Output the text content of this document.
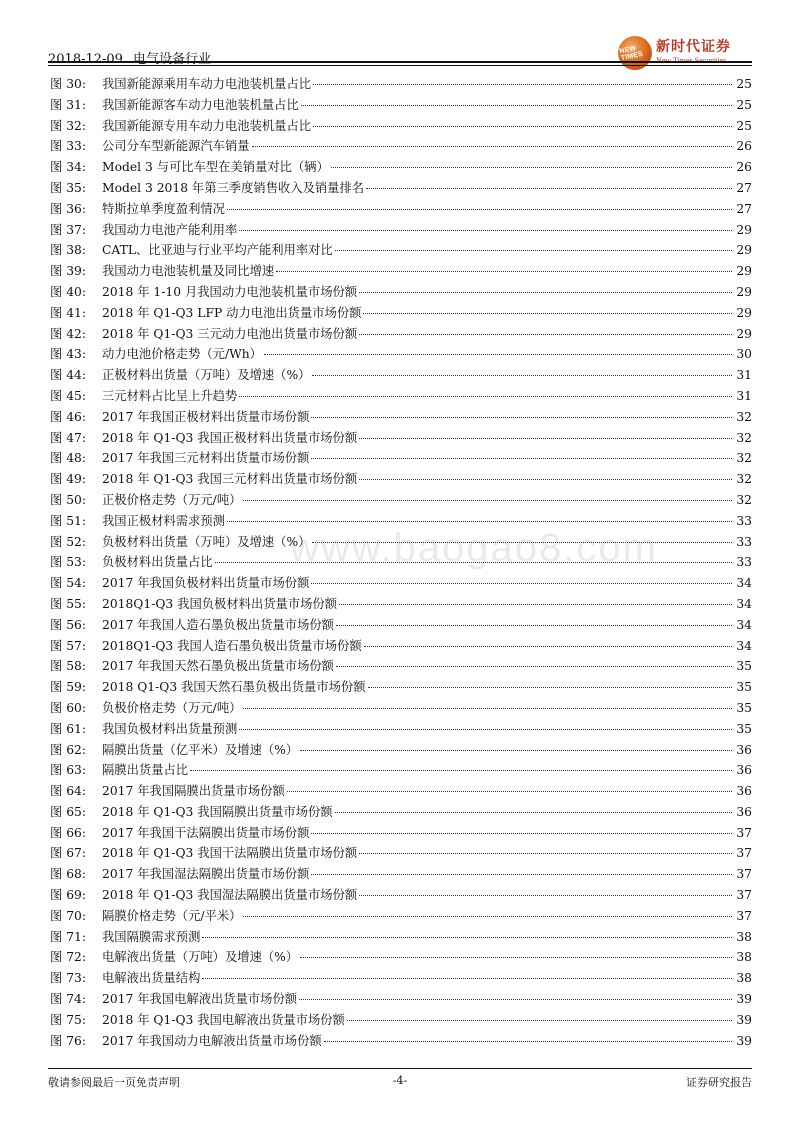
2018-12-09 电气设备行业
NEW TIMES
新时代证券
New Times Securities
www.baogao8.com
图 30:	我国新能源乘用车动力电池装机量占比	25
图 31:	我国新能源客车动力电池装机量占比	25
图 32:	我国新能源专用车动力电池装机量占比	25
图 33:	公司分车型新能源汽车销量	26
图 34:	Model 3 与可比车型在美销量对比（辆）	26
图 35:	Model 3 2018 年第三季度销售收入及销量排名	27
图 36:	特斯拉单季度盈利情况	27
图 37:	我国动力电池产能利用率	29
图 38:	CATL、比亚迪与行业平均产能利用率对比	29
图 39:	我国动力电池装机量及同比增速	29
图 40:	2018 年 1-10 月我国动力电池装机量市场份额	29
图 41:	2018 年 Q1-Q3 LFP 动力电池出货量市场份额	29
图 42:	2018 年 Q1-Q3 三元动力电池出货量市场份额	29
图 43:	动力电池价格走势（元/Wh）	30
图 44:	正极材料出货量（万吨）及增速（%）	31
图 45:	三元材料占比呈上升趋势	31
图 46:	2017 年我国正极材料出货量市场份额	32
图 47:	2018 年 Q1-Q3 我国正极材料出货量市场份额	32
图 48:	2017 年我国三元材料出货量市场份额	32
图 49:	2018 年 Q1-Q3 我国三元材料出货量市场份额	32
图 50:	正极价格走势（万元/吨）	32
图 51:	我国正极材料需求预测	33
图 52:	负极材料出货量（万吨）及增速（%）	33
图 53:	负极材料出货量占比	33
图 54:	2017 年我国负极材料出货量市场份额	34
图 55:	2018Q1-Q3 我国负极材料出货量市场份额	34
图 56:	2017 年我国人造石墨负极出货量市场份额	34
图 57:	2018Q1-Q3 我国人造石墨负极出货量市场份额	34
图 58:	2017 年我国天然石墨负极出货量市场份额	35
图 59:	2018 Q1-Q3 我国天然石墨负极出货量市场份额	35
图 60:	负极价格走势（万元/吨）	35
图 61:	我国负极材料出货量预测	35
图 62:	隔膜出货量（亿平米）及增速（%）	36
图 63:	隔膜出货量占比	36
图 64:	2017 年我国隔膜出货量市场份额	36
图 65:	2018 年 Q1-Q3 我国隔膜出货量市场份额	36
图 66:	2017 年我国干法隔膜出货量市场份额	37
图 67:	2018 年 Q1-Q3 我国干法隔膜出货量市场份额	37
图 68:	2017 年我国湿法隔膜出货量市场份额	37
图 69:	2018 年 Q1-Q3 我国湿法隔膜出货量市场份额	37
图 70:	隔膜价格走势（元/平米）	37
图 71:	我国隔膜需求预测	38
图 72:	电解液出货量（万吨）及增速（%）	38
图 73:	电解液出货量结构	38
图 74:	2017 年我国电解液出货量市场份额	39
图 75:	2018 年 Q1-Q3 我国电解液出货量市场份额	39
图 76:	2017 年我国动力电解液出货量市场份额	39
敬请参阅最后一页免责声明	-4-	证券研究报告
